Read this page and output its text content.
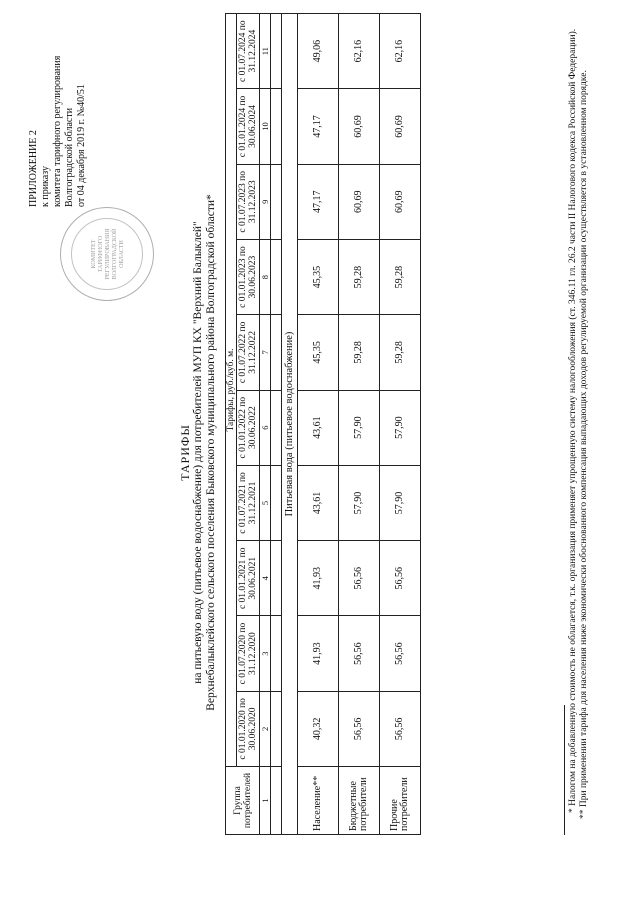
КОМИТЕТ ТАРИФНОГО РЕГУЛИРОВАНИЯ ВОЛГОГРАДСКОЙ ОБЛАСТИ
ПРИЛОЖЕНИЕ 2 к приказу комитета тарифного регулирования Волгоградской области от 04 декабря 2019 г. №40/51
ТАРИФЫ на питьевую воду (питьевое водоснабжение) для потребителей МУП КХ "Верхний Балыклей" Верхнебалыклейского сельского поселения Быковского муниципального района Волгоградской области*
Группа потребителей	Тарифы, руб./куб. м.									
	с 01.01.2020 по 30.06.2020	с 01.07.2020 по 31.12.2020	с 01.01.2021 по 30.06.2021	с 01.07.2021 по 31.12.2021	с 01.01.2022 по 30.06.2022	с 01.07.2022 по 31.12.2022	с 01.01.2023 по 30.06.2023	с 01.07.2023 по 31.12.2023	с 01.01.2024 по 30.06.2024	с 01.07.2024 по 31.12.2024
1	2	3	4	5	6	7	8	9	10	11

Питьевая вода (питьевое водоснабжение)										
Население**	40,32	41,93	41,93	43,61	43,61	45,35	45,35	47,17	47,17	49,06
Бюджетные потребители	56,56	56,56	56,56	57,90	57,90	59,28	59,28	60,69	60,69	62,16
Прочие потребители	56,56	56,56	56,56	57,90	57,90	59,28	59,28	60,69	60,69	62,16	* Налогом на добавленную стоимость не облагается, т.к. организация применяет упрощенную систему налогообложения (ст. 346.11 гл. 26.2 части II Налогового кодекса Российской Федерации). ** При применении тарифа для населения ниже экономически обоснованного компенсация выпадающих доходов регулируемой организации осуществляется в установленном порядке.
